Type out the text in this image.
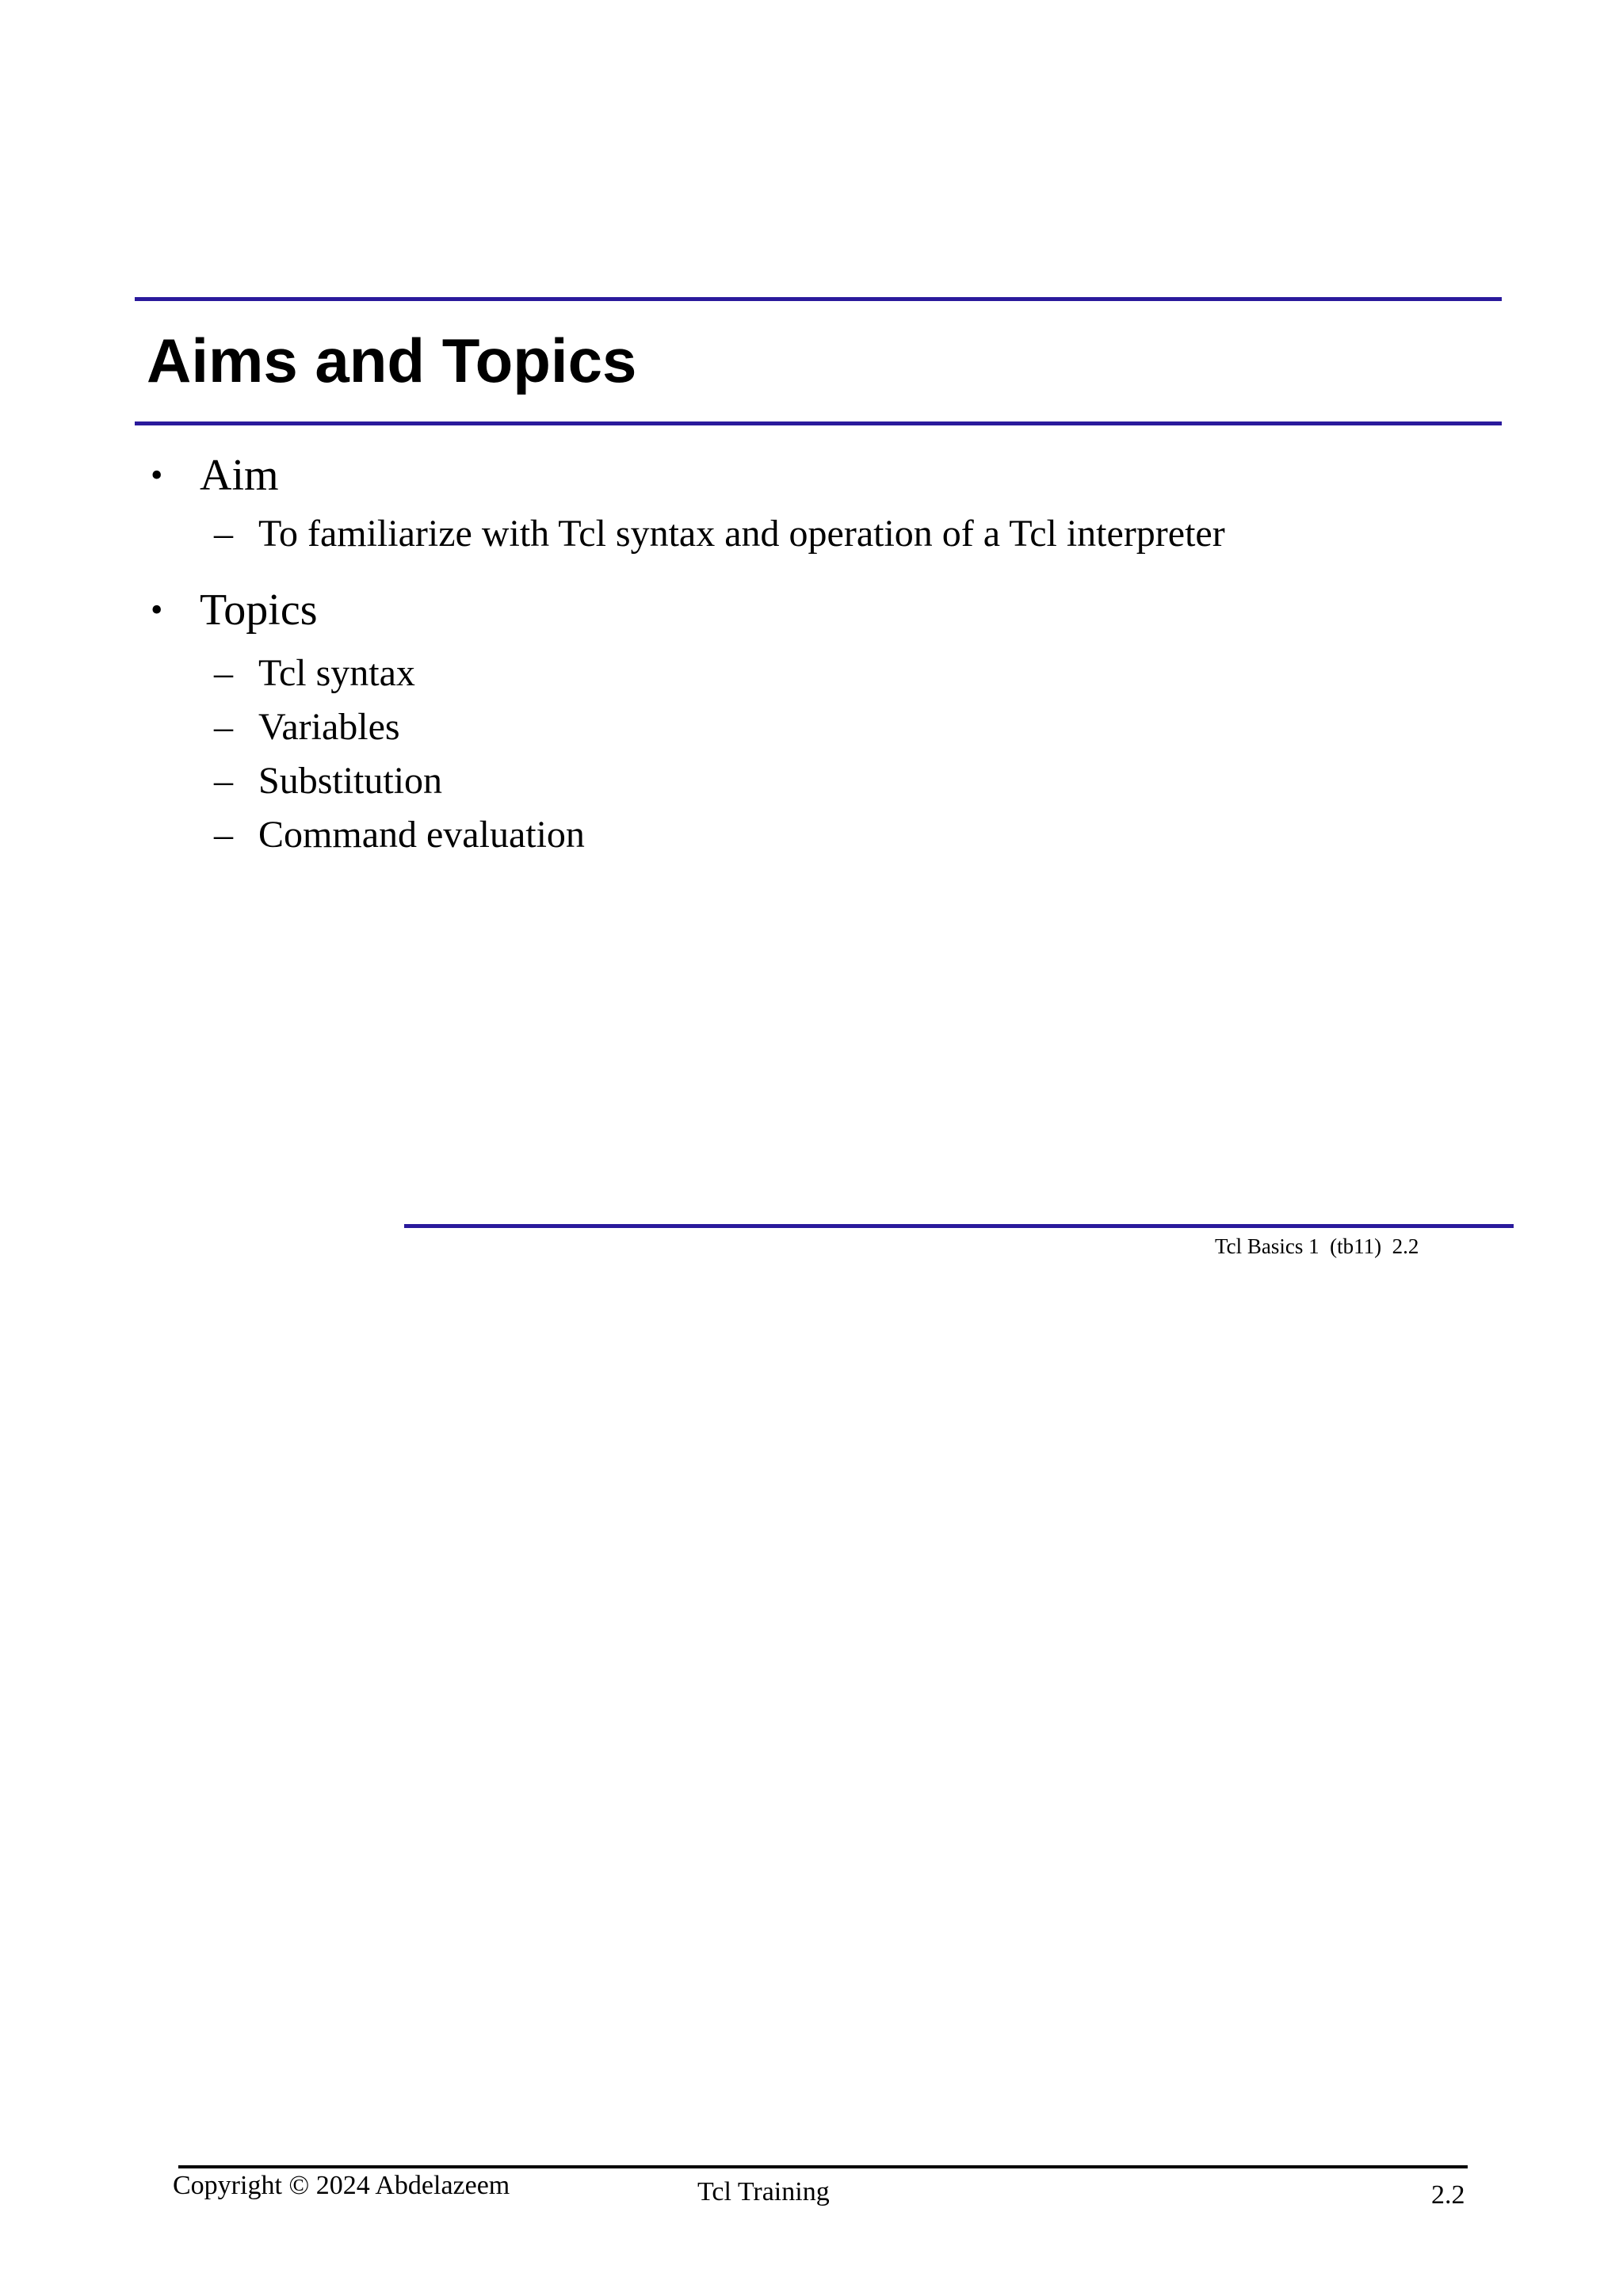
Aims and Topics
• Aim
– To familiarize with Tcl syntax and operation of a Tcl interpreter
• Topics
– Tcl syntax
– Variables
– Substitution
– Command evaluation
Tcl Basics 1  (tb11)  2.2
Copyright © 2024 Abdelazeem	Tcl Training	2.2
